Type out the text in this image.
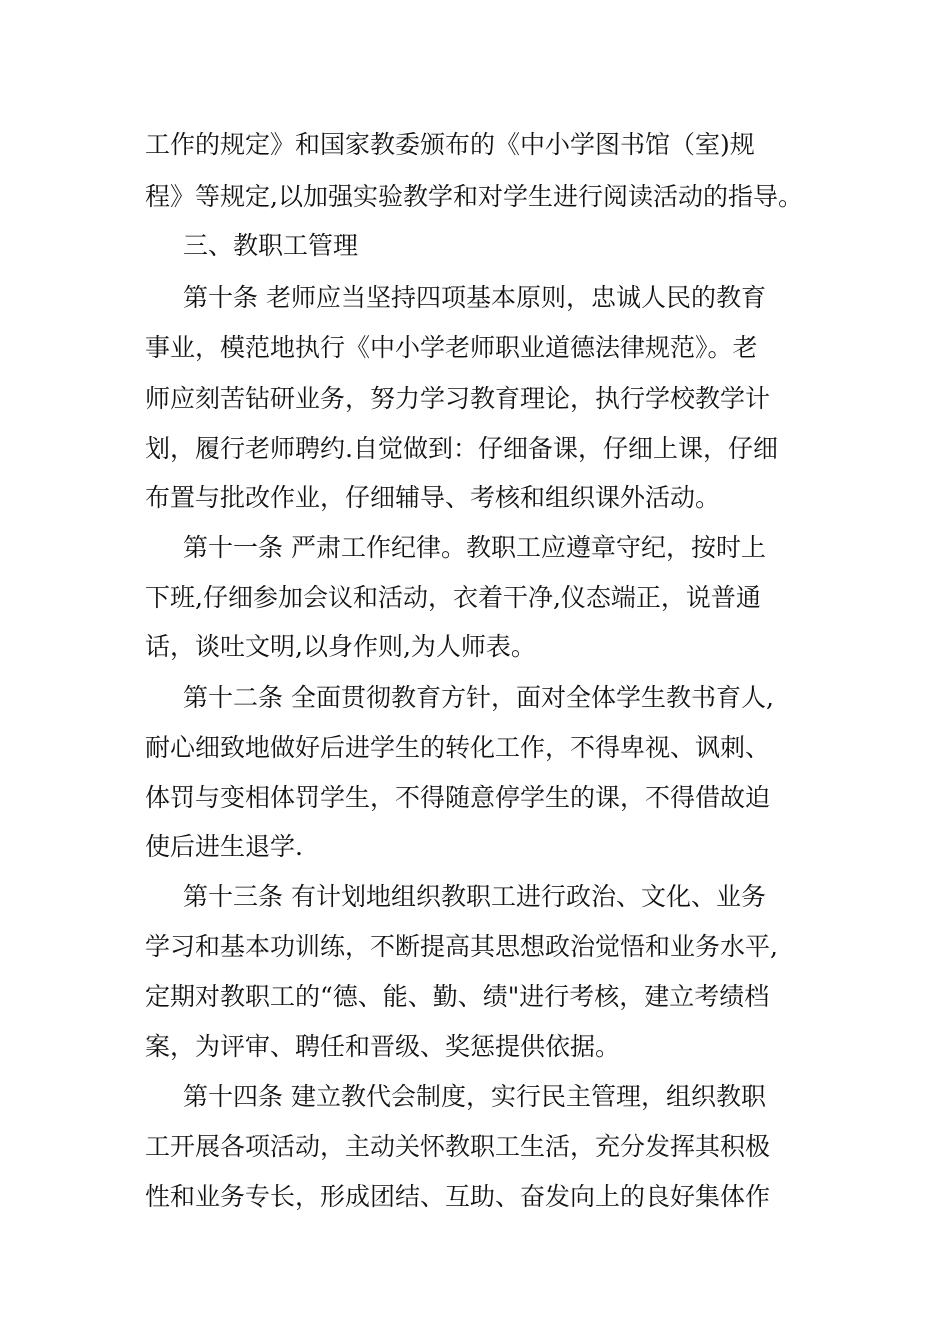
工作的规定》和国家教委颁布的《中小学图书馆（室)规
程》等规定,以加强实验教学和对学生进行阅读活动的指导。
三、教职工管理
第十条 老师应当坚持四项基本原则，忠诚人民的教育
事业，模范地执行《中小学老师职业道德法律规范》。老
师应刻苦钻研业务，努力学习教育理论，执行学校教学计
划，履行老师聘约.自觉做到：仔细备课，仔细上课，仔细
布置与批改作业，仔细辅导、考核和组织课外活动。
第十一条 严肃工作纪律。教职工应遵章守纪，按时上
下班,仔细参加会议和活动，衣着干净,仪态端正，说普通
话，谈吐文明,以身作则,为人师表。
第十二条 全面贯彻教育方针，面对全体学生教书育人,
耐心细致地做好后进学生的转化工作，不得卑视、讽刺、
体罚与变相体罚学生，不得随意停学生的课，不得借故迫
使后进生退学.
第十三条 有计划地组织教职工进行政治、文化、业务
学习和基本功训练，不断提高其思想政治觉悟和业务水平,
定期对教职工的“德、能、勤、绩"进行考核，建立考绩档
案，为评审、聘任和晋级、奖惩提供依据。
第十四条 建立教代会制度，实行民主管理，组织教职
工开展各项活动，主动关怀教职工生活，充分发挥其积极
性和业务专长，形成团结、互助、奋发向上的良好集体作
